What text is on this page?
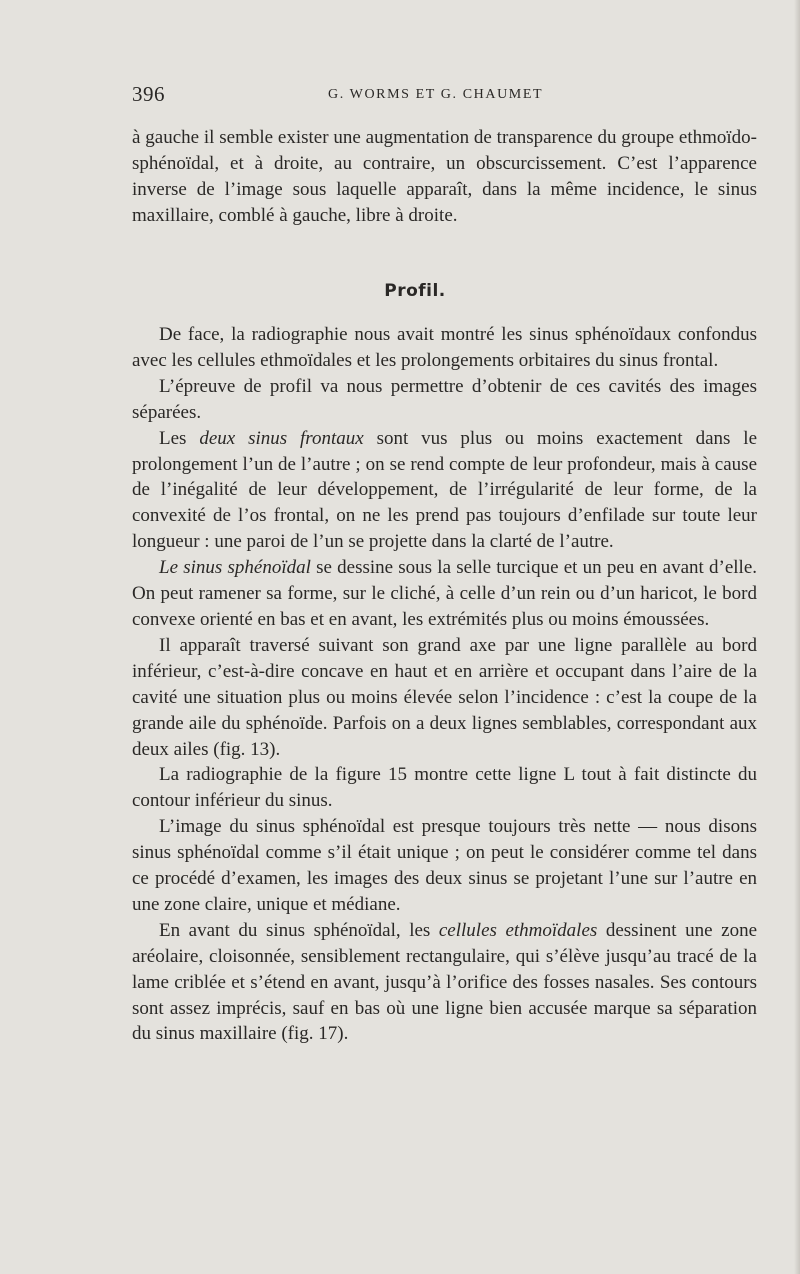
396	G. WORMS ET G. CHAUMET

à gauche il semble exister une augmentation de transparence du groupe ethmoïdo-sphénoïdal, et à droite, au contraire, un obscurcissement. C’est l’apparence inverse de l’image sous laquelle apparaît, dans la même incidence, le sinus maxillaire, comblé à gauche, libre à droite.

Profil.

De face, la radiographie nous avait montré les sinus sphénoïdaux confondus avec les cellules ethmoïdales et les prolongements orbitaires du sinus frontal.

L’épreuve de profil va nous permettre d’obtenir de ces cavités des images séparées.

Les deux sinus frontaux sont vus plus ou moins exactement dans le prolongement l’un de l’autre ; on se rend compte de leur profondeur, mais à cause de l’inégalité de leur développement, de l’irrégularité de leur forme, de la convexité de l’os frontal, on ne les prend pas toujours d’enfilade sur toute leur longueur : une paroi de l’un se projette dans la clarté de l’autre.

Le sinus sphénoïdal se dessine sous la selle turcique et un peu en avant d’elle. On peut ramener sa forme, sur le cliché, à celle d’un rein ou d’un haricot, le bord convexe orienté en bas et en avant, les extrémités plus ou moins émoussées.

Il apparaît traversé suivant son grand axe par une ligne parallèle au bord inférieur, c’est-à-dire concave en haut et en arrière et occupant dans l’aire de la cavité une situation plus ou moins élevée selon l’incidence : c’est la coupe de la grande aile du sphénoïde. Parfois on a deux lignes semblables, correspondant aux deux ailes (fig. 13).

La radiographie de la figure 15 montre cette ligne L tout à fait distincte du contour inférieur du sinus.

L’image du sinus sphénoïdal est presque toujours très nette — nous disons sinus sphénoïdal comme s’il était unique ; on peut le considérer comme tel dans ce procédé d’examen, les images des deux sinus se projetant l’une sur l’autre en une zone claire, unique et médiane.

En avant du sinus sphénoïdal, les cellules ethmoïdales dessinent une zone aréolaire, cloisonnée, sensiblement rectangulaire, qui s’élève jusqu’au tracé de la lame criblée et s’étend en avant, jusqu’à l’orifice des fosses nasales. Ses contours sont assez imprécis, sauf en bas où une ligne bien accusée marque sa séparation du sinus maxillaire (fig. 17).
